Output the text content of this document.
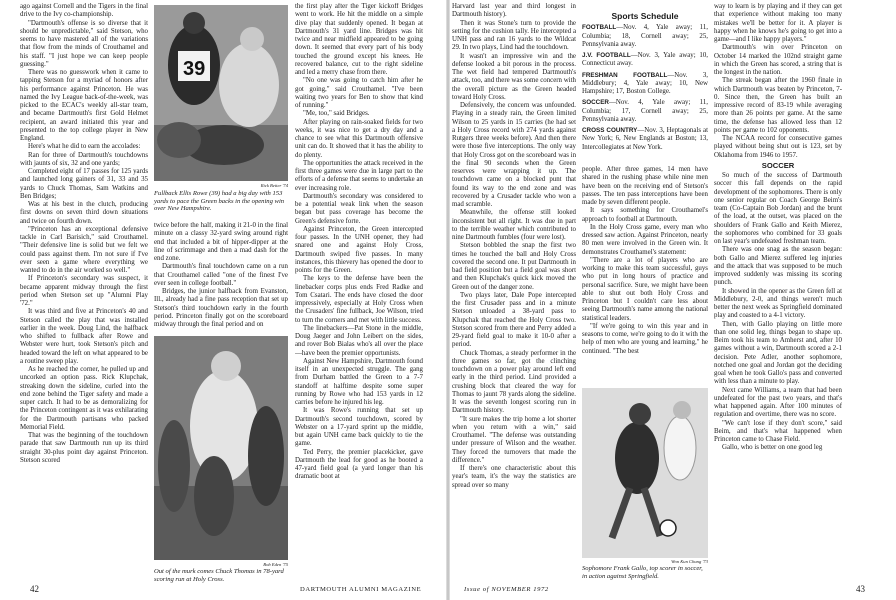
ago against Cornell and the Tigers in the final drive to the Ivy co-championship.

"Dartmouth's offense is so diverse that it should be unpredictable," said Stetson, who seems to have mastered all of the variations that flow from the minds of Crouthamel and his staff. "I just hope we can keep people guessing."

There was no guesswork when it came to tapping Stetson for a myriad of honors after his performance against Princeton. He was named the Ivy League back-of-the-week, was picked to the ECAC's weekly all-star team, and became Dartmouth's first Gold Helmet recipient, an award initiated this year and presented to the top college player in New England.

Here's what he did to earn the accolades:

Ran for three of Dartmouth's touchdowns with jaunts of six, 32 and one yards;

Completed eight of 17 passes for 125 yards and launched long gainers of 31, 33 and 35 yards to Chuck Thomas, Sam Watkins and Ben Bridges;

Was at his best in the clutch, producing first downs on seven third down situations and twice on fourth down.

"Princeton has an exceptional defensive tackle in Carl Barisich," said Crouthamel. "Their defensive line is solid but we felt we could pass against them. I'm not sure if I've ever seen a game where everything we wanted to do in the air worked so well."

If Princeton's secondary was suspect, it became apparent midway through the first period when Stetson set up "Alumni Play '72."

It was third and five at Princeton's 40 and Stetson called the play that was installed earlier in the week. Doug Lind, the halfback who shifted to fullback after Rowe and Webster were hurt, took Stetson's pitch and headed toward the left on what appeared to be a routine sweep play.

As he reached the corner, he pulled up and uncorked an option pass. Rick Klupchak, streaking down the sideline, curled into the end zone behind the Tiger safety and made a super catch. It had to be as demoralizing for the Princeton contingent as it was exhilarating for the Dartmouth partisans who packed Memorial Field.

That was the beginning of the touchdown parade that saw Dartmouth run up its third straight 30-plus point day against Princeton. Stetson scored

39
Rick Better '74
Fullback Ellis Rowe (39) had a big day with 153 yards to pace the Green backs in the opening win over New Hampshire.

twice before the half, making it 21-0 in the final minute on a classy 32-yard swing around right end that included a bit of hipper-dipper at the line of scrimmage and then a mad dash for the end zone.

Dartmouth's final touchdown came on a run that Crouthamel called "one of the finest I've ever seen in college football."

Bridges, the junior halfback from Evanston, Ill., already had a fine pass reception that set up Stetson's third touchdown early in the fourth period. Princeton finally got on the scoreboard midway through the final period and on

Bob Eden '75
Out of the murk comes Chuck Thomas in 78-yard scoring run at Holy Cross.

the first play after the Tiger kickoff Bridges went to work. He hit the middle on a simple dive play that suddenly opened. It began at Dartmouth's 31 yard line. Bridges was hit twice and near midfield appeared to be going down. It seemed that every part of his body touched the ground except his knees. He recovered balance, cut to the right sideline and led a merry chase from there.

"No one was going to catch him after he got going," said Crouthamel. "I've been waiting two years for Ben to show that kind of running."

"Me, too," said Bridges.

After playing on rain-soaked fields for two weeks, it was nice to get a dry day and a chance to see what this Dartmouth offensive unit can do. It showed that it has the ability to do plenty.

The opportunities the attack received in the first three games were due in large part to the efforts of a defense that seems to undertake an ever increasing role.

Dartmouth's secondary was considered to be a potential weak link when the season began but pass coverage has become the Green's defensive forte.

Against Princeton, the Green intercepted four passes. In the UNH opener, they had snared one and against Holy Cross, Dartmouth swiped five passes. In many instances, this thievery has opened the door to points for the Green.

The keys to the defense have been the linebacker corps plus ends Fred Radke and Tom Csatari. The ends have closed the door impressively, especially at Holy Cross when the Crusaders' fine fullback, Joe Wilson, tried to turn the corners and met with little success.

The linebackers—Pat Stone in the middle, Doug Jaeger and John Leibert on the sides, and rover Bob Bialas who's all over the place—have been the premier opportunists.

Against New Hampshire, Dartmouth found itself in an unexpected struggle. The gang from Durham battled the Green to a 7-7 standoff at halftime despite some super running by Rowe who had 153 yards in 12 carries before he injured his leg.

It was Rowe's running that set up Dartmouth's second touchdown, scored by Webster on a 17-yard sprint up the middle, but again UNH came back quickly to tie the game.

Ted Perry, the premier placekicker, gave Dartmouth the lead for good as he booted a 47-yard field goal (a yard longer than his dramatic boot at

42	DARTMOUTH ALUMNI MAGAZINE

Harvard last year and third longest in Dartmouth history).

Then it was Stone's turn to provide the setting for the cushion tally. He intercepted a UNH pass and ran 16 yards to the Wildcat 29. In two plays, Lind had the touchdown.

It wasn't an impressive win and the defense looked a bit porous in the process. The wet field had tempered Dartmouth's attack, too, and there was some concern with the overall picture as the Green headed toward Holy Cross.

Defensively, the concern was unfounded. Playing in a steady rain, the Green limited Wilson to 25 yards in 15 carries (he had set a Holy Cross record with 274 yards against Rutgers three weeks before). And then there were those five interceptions. The only way that Holy Cross got on the scoreboard was in the final 90 seconds when the Green reserves were wrapping it up. The touchdown came on a blocked punt that found its way to the end zone and was recovered by a Crusader tackle who won a mad scramble.

Meanwhile, the offense still looked inconsistent but all right. It was due in part to the terrible weather which contributed to nine Dartmouth fumbles (four were lost).

Stetson bobbled the snap the first two times he touched the ball and Holy Cross covered the second one. It put Dartmouth in bad field position but a field goal was short and then Klupchak's quick kick moved the Green out of the danger zone.

Two plays later, Dale Pope intercepted the first Crusader pass and in a minute Stetson unloaded a 38-yard pass to Klupchak that reached the Holy Cross two. Stetson scored from there and Perry added a 29-yard field goal to make it 10-0 after a period.

Chuck Thomas, a steady performer in the three games so far, got the clinching touchdown on a power play around left end early in the third period. Lind provided a crushing block that cleared the way for Thomas to jaunt 78 yards along the sideline. It was the seventh longest scoring run in Dartmouth history.

"It sure makes the trip home a lot shorter when you return with a win," said Crouthamel. "The defense was outstanding under pressure of Wilson and the weather. They forced the turnovers that made the difference."

If there's one characteristic about this year's team, it's the way the statistics are spread over so many

Sports Schedule

FOOTBALL—Nov. 4, Yale away; 11, Columbia; 18, Cornell away; 25, Pennsylvania away.

J.V. FOOTBALL—Nov. 3, Yale away; 10, Connecticut away.

FRESHMAN FOOTBALL—Nov. 3, Middlebury; 4, Yale away; 10, New Hampshire; 17, Boston College.

SOCCER—Nov. 4, Yale away; 11, Columbia; 17, Cornell away; 25, Pennsylvania away.

CROSS COUNTRY—Nov. 3, Heptagonals at New York; 6, New Englands at Boston; 13, Intercollegiates at New York.

people. After three games, 14 men have shared in the rushing phase while nine men have been on the receiving end of Stetson's passes. The ten pass interceptions have been made by seven different people.

It says something for Crouthamel's approach to football at Dartmouth.

In the Holy Cross game, every man who dressed saw action. Against Princeton, nearly 80 men were involved in the Green win. It demonstrates Crouthamel's statement:

"There are a lot of players who are working to make this team successful, guys who put in long hours of practice and personal sacrifice. Sure, we might have been able to shut out both Holy Cross and Princeton but I couldn't care less about seeing Dartmouth's name among the national statistical leaders.

"If we're going to win this year and in seasons to come, we're going to do it with the help of men who are young and learning," he continued. "The best

Won Kun Chung '73
Sophomore Frank Gallo, top scorer in soccer, in action against Springfield.

way to learn is by playing and if they can get that experience without making too many mistakes we'll be better for it. A player is happy when he knows he's going to get into a game—and I like happy players."

Dartmouth's win over Princeton on October 14 marked the 102nd straight game in which the Green has scored, a string that is the longest in the nation.

The streak began after the 1960 finale in which Dartmouth was beaten by Princeton, 7-0. Since then, the Green has built an impressive record of 83-19 while averaging more than 26 points per game. At the same time, the defense has allowed less than 12 points per game to 102 opponents.

The NCAA record for consecutive games played without being shut out is 123, set by Oklahoma from 1946 to 1957.

SOCCER

So much of the success of Dartmouth soccer this fall depends on the rapid development of the sophomores. There is only one senior regular on Coach George Beim's team (Co-Captain Bob Jordan) and the brunt of the load, at the outset, was placed on the shoulders of Frank Gallo and Keith Mierez, the sophomores who combined for 33 goals on last year's undefeated freshman team.

There was one snag as the season began: both Gallo and Mierez suffered leg injuries and the attack that was supposed to be much improved suddenly was missing its scoring punch.

It showed in the opener as the Green fell at Middlebury, 2-0, and things weren't much better the next week as Springfield dominated play and coasted to a 4-1 victory.

Then, with Gallo playing on little more than one solid leg, things began to shape up. Beim took his team to Amherst and, after 10 games without a win, Dartmouth scored a 2-1 decision. Pete Adler, another sophomore, notched one goal and Jordan got the deciding goal when he took Gallo's pass and converted with less than a minute to play.

Next came Williams, a team that had been undefeated for the past two years, and that's what happened again. After 100 minutes of regulation and overtime, there was no score.

"We can't lose if they don't score," said Beim, and that's what happened when Princeton came to Chase Field.

Gallo, who is better on one good leg

Issue of NOVEMBER 1972	43
